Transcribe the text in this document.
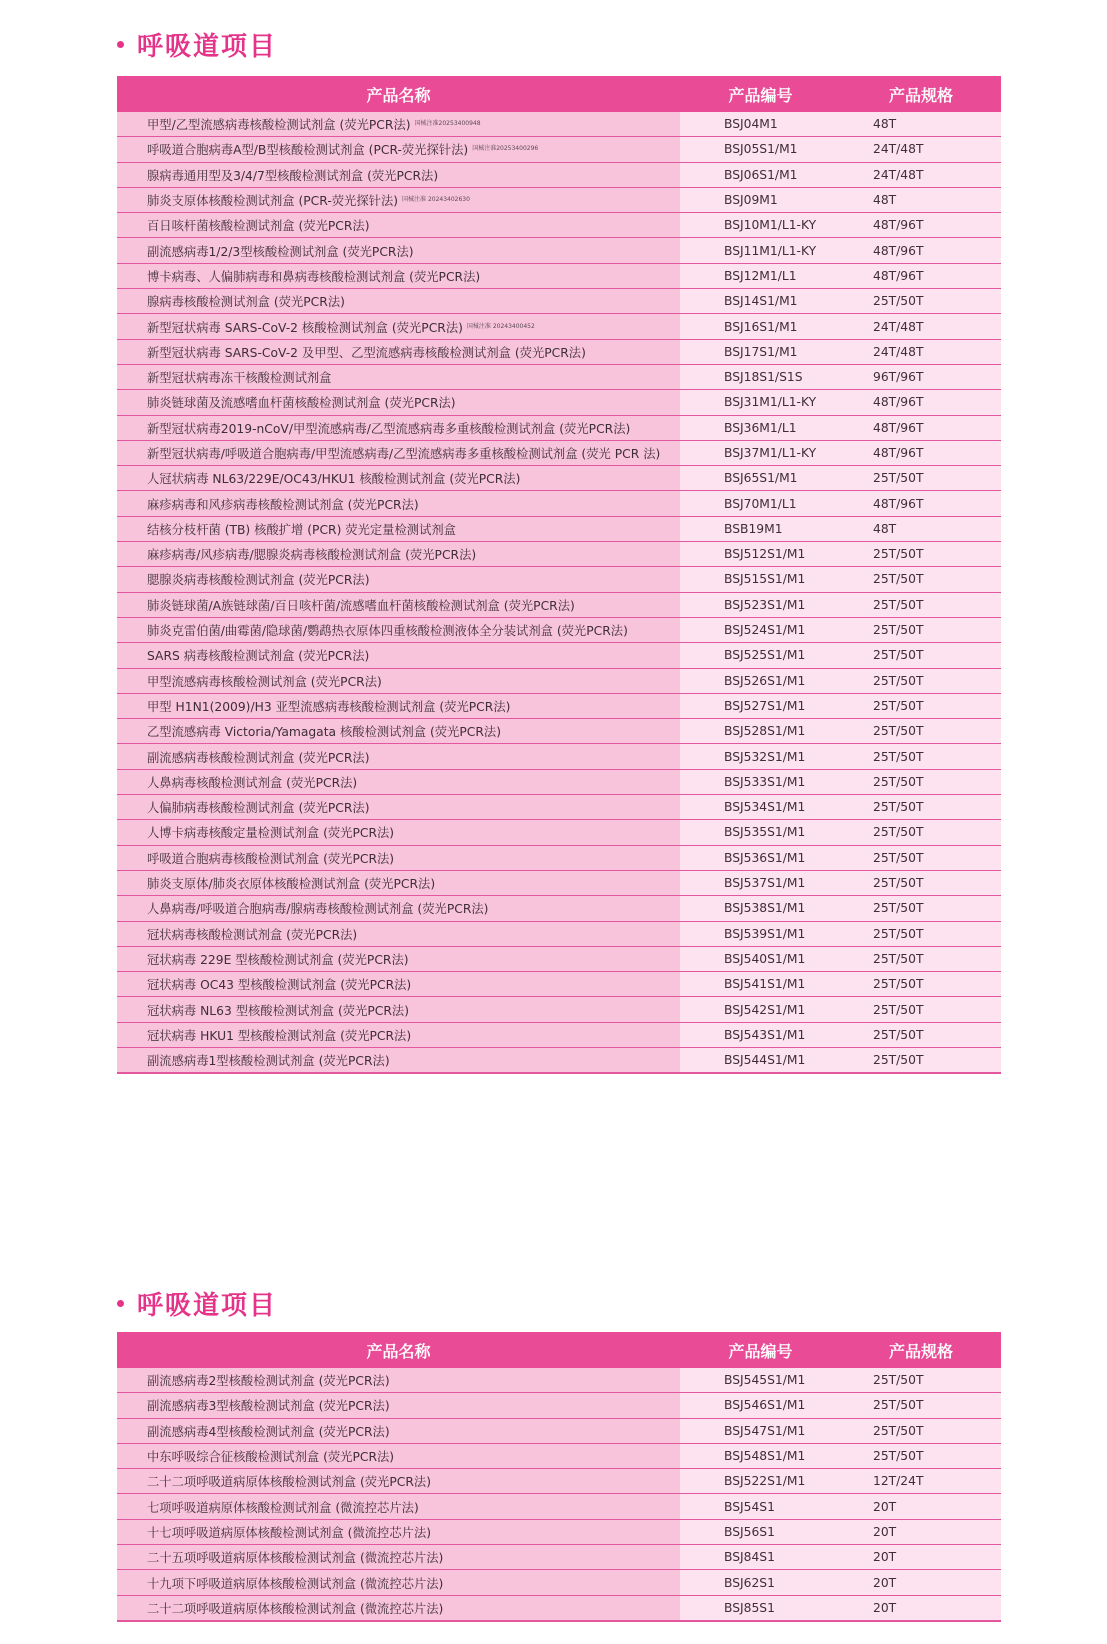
呼吸道项目
产品名称	产品编号	产品规格
甲型/乙型流感病毒核酸检测试剂盒 (荧光PCR法) $^{国械注准20253400948}$	BSJ04M1	48T
呼吸道合胞病毒A型/B型核酸检测试剂盒 (PCR-荧光探针法) $^{国械注准20253400296}$	BSJ05S1/M1	24T/48T
腺病毒通用型及3/4/7型核酸检测试剂盒 (荧光PCR法)	BSJ06S1/M1	24T/48T
肺炎支原体核酸检测试剂盒 (PCR-荧光探针法) $^{国械注准 20243402630}$	BSJ09M1	48T
百日咳杆菌核酸检测试剂盒 (荧光PCR法)	BSJ10M1/L1-KY	48T/96T
副流感病毒1/2/3型核酸检测试剂盒 (荧光PCR法)	BSJ11M1/L1-KY	48T/96T
博卡病毒、人偏肺病毒和鼻病毒核酸检测试剂盒 (荧光PCR法)	BSJ12M1/L1	48T/96T
腺病毒核酸检测试剂盒 (荧光PCR法)	BSJ14S1/M1	25T/50T
新型冠状病毒 SARS-CoV-2 核酸检测试剂盒 (荧光PCR法) $^{国械注准 20243400452}$	BSJ16S1/M1	24T/48T
新型冠状病毒 SARS-CoV-2 及甲型、乙型流感病毒核酸检测试剂盒 (荧光PCR法)	BSJ17S1/M1	24T/48T
新型冠状病毒冻干核酸检测试剂盒	BSJ18S1/S1S	96T/96T
肺炎链球菌及流感嗜血杆菌核酸检测试剂盒 (荧光PCR法)	BSJ31M1/L1-KY	48T/96T
新型冠状病毒2019-nCoV/甲型流感病毒/乙型流感病毒多重核酸检测试剂盒 (荧光PCR法)	BSJ36M1/L1	48T/96T
新型冠状病毒/呼吸道合胞病毒/甲型流感病毒/乙型流感病毒多重核酸检测试剂盒 (荧光 PCR 法)	BSJ37M1/L1-KY	48T/96T
人冠状病毒 NL63/229E/OC43/HKU1 核酸检测试剂盒 (荧光PCR法)	BSJ65S1/M1	25T/50T
麻疹病毒和风疹病毒核酸检测试剂盒 (荧光PCR法)	BSJ70M1/L1	48T/96T
结核分枝杆菌 (TB) 核酸扩增 (PCR) 荧光定量检测试剂盒	BSB19M1	48T
麻疹病毒/风疹病毒/腮腺炎病毒核酸检测试剂盒 (荧光PCR法)	BSJ512S1/M1	25T/50T
腮腺炎病毒核酸检测试剂盒 (荧光PCR法)	BSJ515S1/M1	25T/50T
肺炎链球菌/A族链球菌/百日咳杆菌/流感嗜血杆菌核酸检测试剂盒 (荧光PCR法)	BSJ523S1/M1	25T/50T
肺炎克雷伯菌/曲霉菌/隐球菌/鹦鹉热衣原体四重核酸检测液体全分装试剂盒 (荧光PCR法)	BSJ524S1/M1	25T/50T
SARS 病毒核酸检测试剂盒 (荧光PCR法)	BSJ525S1/M1	25T/50T
甲型流感病毒核酸检测试剂盒 (荧光PCR法)	BSJ526S1/M1	25T/50T
甲型 H1N1(2009)/H3 亚型流感病毒核酸检测试剂盒 (荧光PCR法)	BSJ527S1/M1	25T/50T
乙型流感病毒 Victoria/Yamagata 核酸检测试剂盒 (荧光PCR法)	BSJ528S1/M1	25T/50T
副流感病毒核酸检测试剂盒 (荧光PCR法)	BSJ532S1/M1	25T/50T
人鼻病毒核酸检测试剂盒 (荧光PCR法)	BSJ533S1/M1	25T/50T
人偏肺病毒核酸检测试剂盒 (荧光PCR法)	BSJ534S1/M1	25T/50T
人博卡病毒核酸定量检测试剂盒 (荧光PCR法)	BSJ535S1/M1	25T/50T
呼吸道合胞病毒核酸检测试剂盒 (荧光PCR法)	BSJ536S1/M1	25T/50T
肺炎支原体/肺炎衣原体核酸检测试剂盒 (荧光PCR法)	BSJ537S1/M1	25T/50T
人鼻病毒/呼吸道合胞病毒/腺病毒核酸检测试剂盒 (荧光PCR法)	BSJ538S1/M1	25T/50T
冠状病毒核酸检测试剂盒 (荧光PCR法)	BSJ539S1/M1	25T/50T
冠状病毒 229E 型核酸检测试剂盒 (荧光PCR法)	BSJ540S1/M1	25T/50T
冠状病毒 OC43 型核酸检测试剂盒 (荧光PCR法)	BSJ541S1/M1	25T/50T
冠状病毒 NL63 型核酸检测试剂盒 (荧光PCR法)	BSJ542S1/M1	25T/50T
冠状病毒 HKU1 型核酸检测试剂盒 (荧光PCR法)	BSJ543S1/M1	25T/50T
副流感病毒1型核酸检测试剂盒 (荧光PCR法)	BSJ544S1/M1	25T/50T
呼吸道项目
产品名称	产品编号	产品规格
副流感病毒2型核酸检测试剂盒 (荧光PCR法)	BSJ545S1/M1	25T/50T
副流感病毒3型核酸检测试剂盒 (荧光PCR法)	BSJ546S1/M1	25T/50T
副流感病毒4型核酸检测试剂盒 (荧光PCR法)	BSJ547S1/M1	25T/50T
中东呼吸综合征核酸检测试剂盒 (荧光PCR法)	BSJ548S1/M1	25T/50T
二十二项呼吸道病原体核酸检测试剂盒 (荧光PCR法)	BSJ522S1/M1	12T/24T
七项呼吸道病原体核酸检测试剂盒 (微流控芯片法)	BSJ54S1	20T
十七项呼吸道病原体核酸检测试剂盒 (微流控芯片法)	BSJ56S1	20T
二十五项呼吸道病原体核酸检测试剂盒 (微流控芯片法)	BSJ84S1	20T
十九项下呼吸道病原体核酸检测试剂盒 (微流控芯片法)	BSJ62S1	20T
二十二项呼吸道病原体核酸检测试剂盒 (微流控芯片法)	BSJ85S1	20T
